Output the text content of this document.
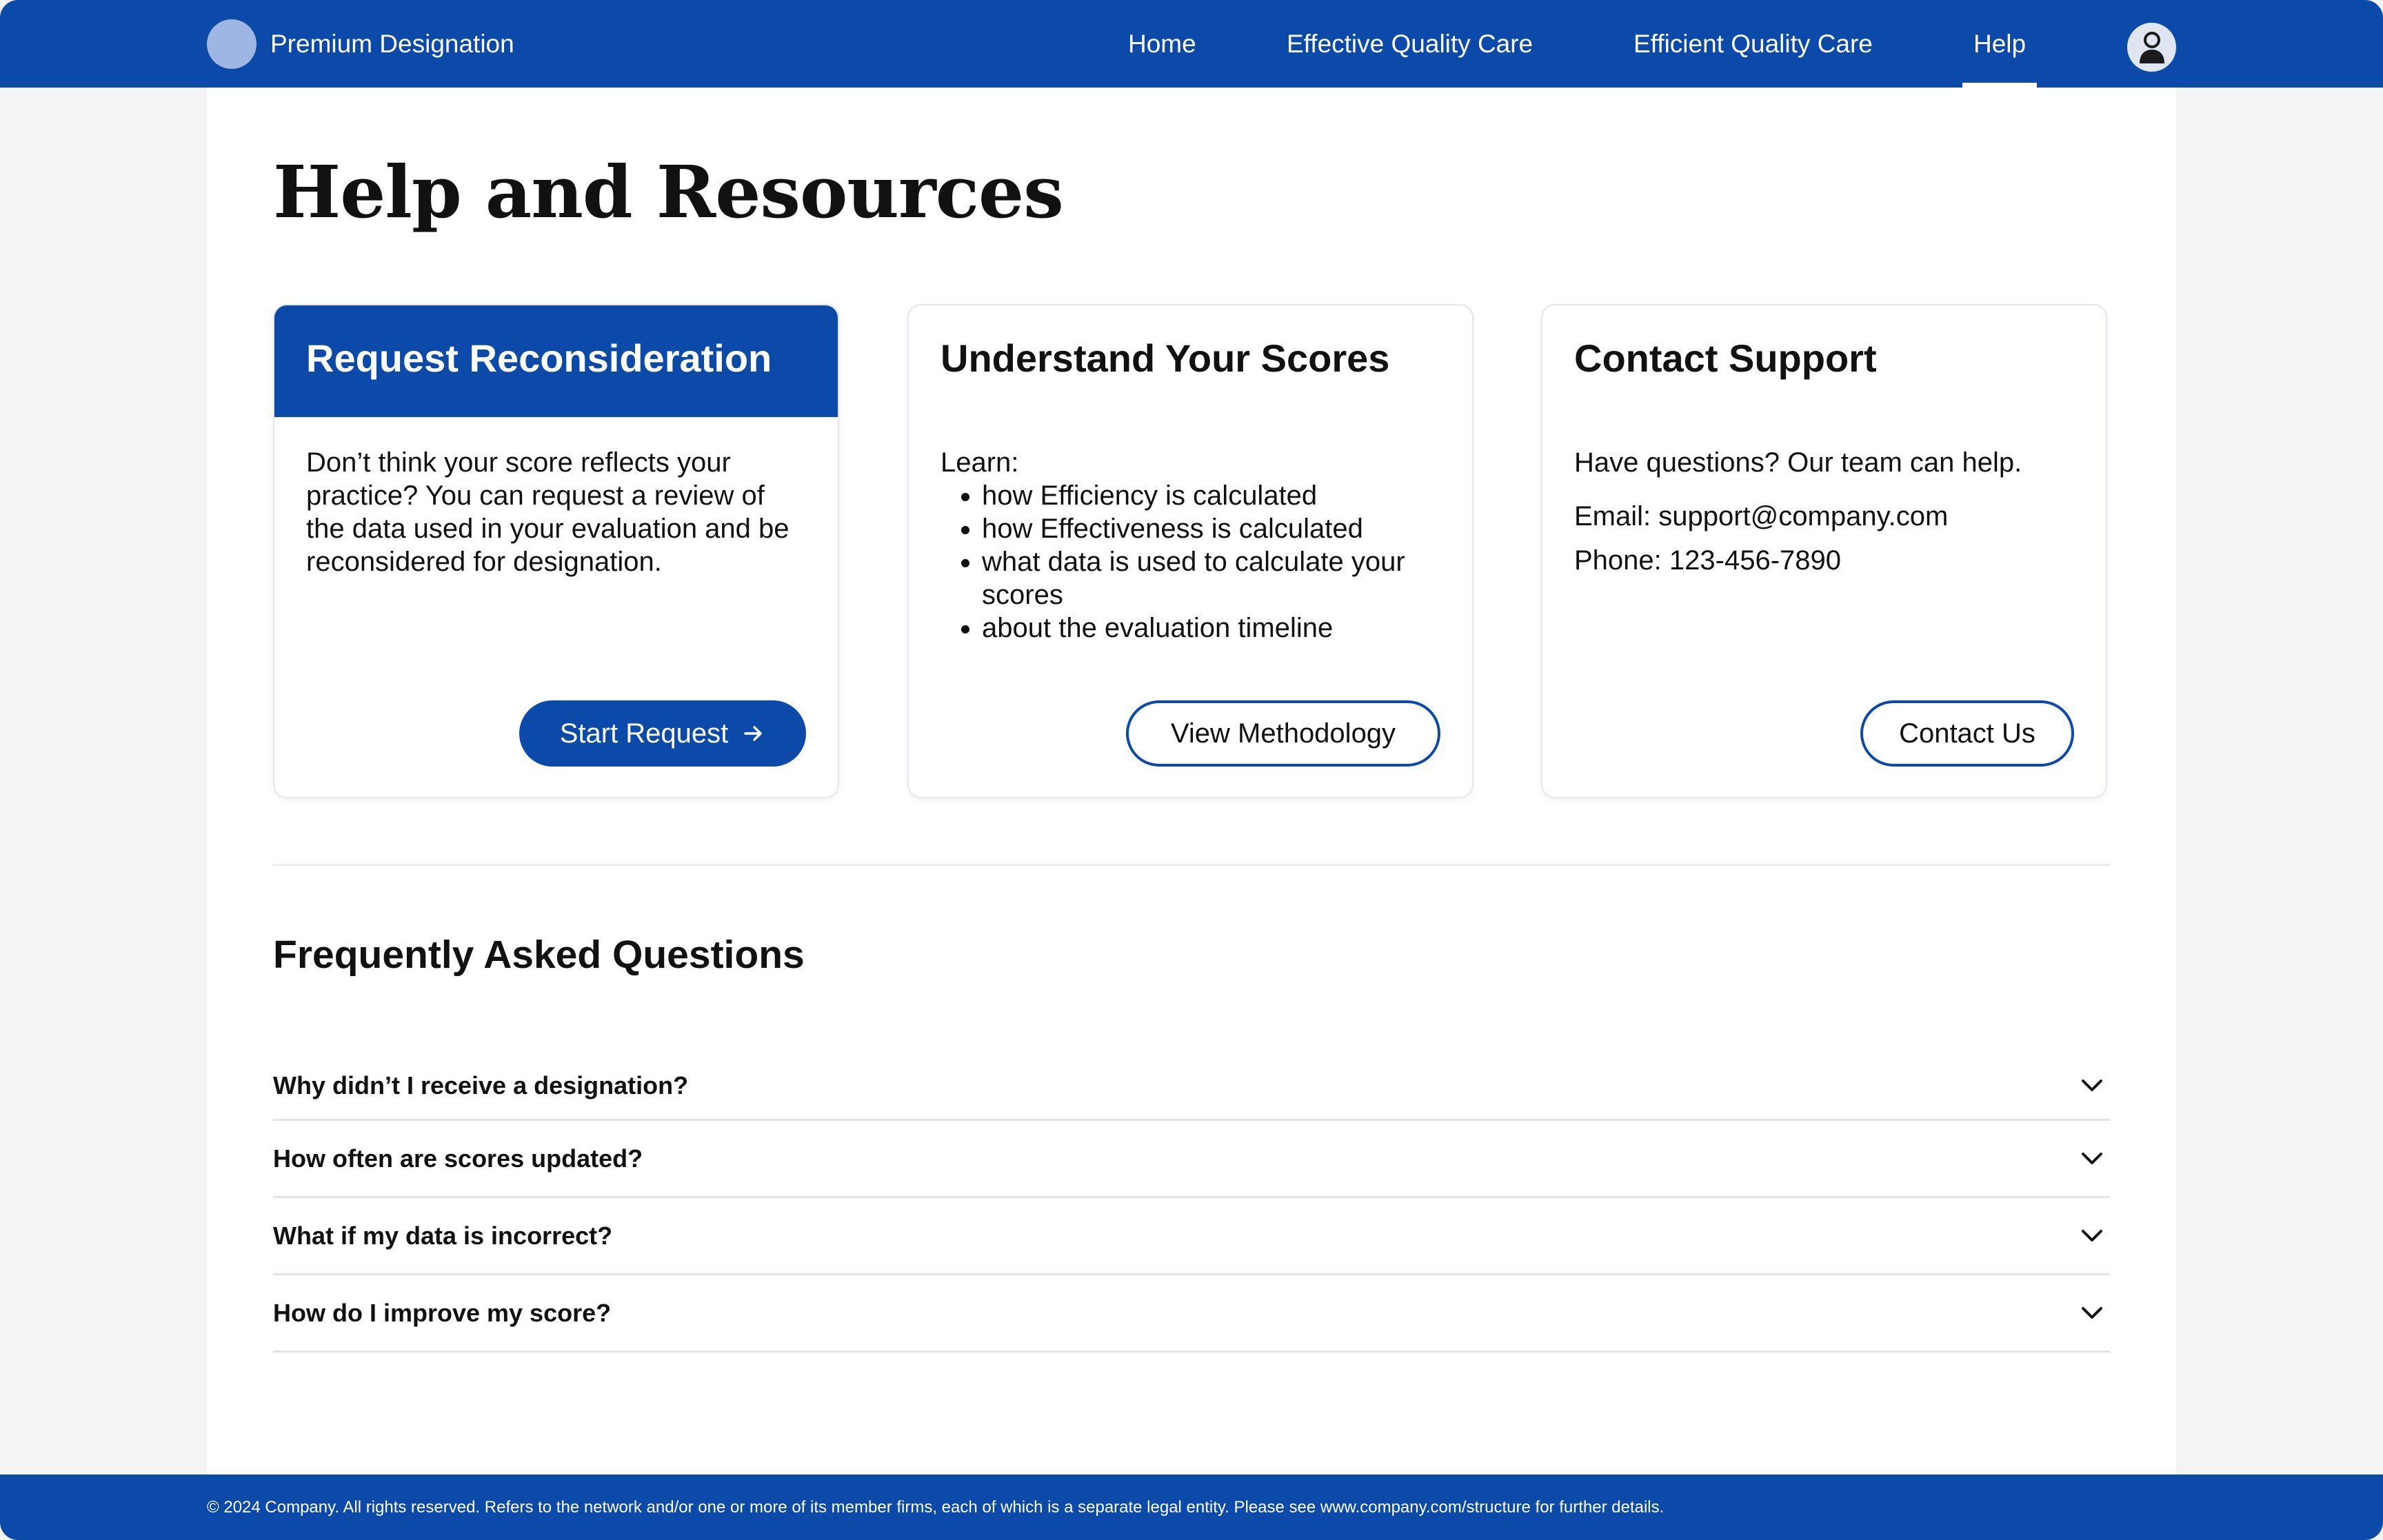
Premium Designation	Home	Effective Quality Care	Efficient Quality Care	Help
Help and Resources
Request Reconsideration

Don’t think your score reflects your practice? You can request a review of the data used in your evaluation and be reconsidered for designation.

Start Request
Understand Your Scores
Learn:
• how Efficiency is calculated
• how Effectiveness is calculated
• what data is used to calculate your scores
• about the evaluation timeline
View Methodology
Contact Support

Have questions? Our team can help.

Email: support@company.com

Phone: 123-456-7890

Contact Us
Frequently Asked Questions
Why didn’t I receive a designation?
How often are scores updated?
What if my data is incorrect?
How do I improve my score?
© 2024 Company. All rights reserved. Refers to the network and/or one or more of its member firms, each of which is a separate legal entity. Please see www.company.com/structure for further details.
